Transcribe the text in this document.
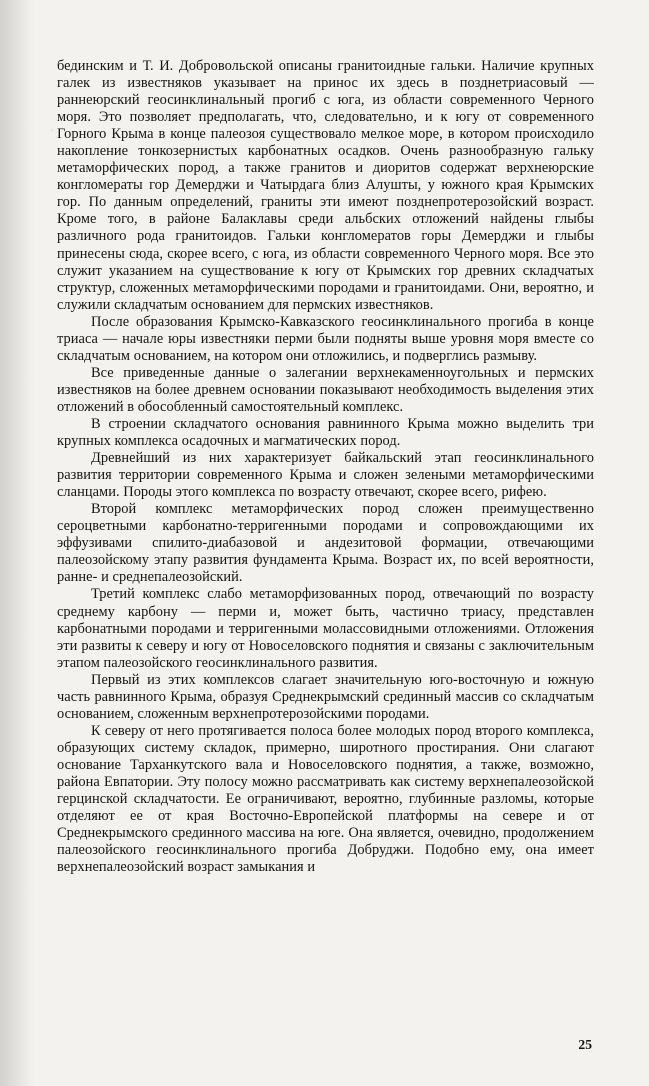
бединским и Т. И. Добровольской описаны гранитоидные гальки. Наличие крупных галек из известняков указывает на принос их здесь в позднетриасовый — раннеюрский геосинклинальный прогиб с юга, из области современного Черного моря. Это позволяет предполагать, что, следовательно, и к югу от современного Горного Крыма в конце палеозоя существовало мелкое море, в котором происходило накопление тонкозернистых карбонатных осадков. Очень разнообразную гальку метаморфических пород, а также гранитов и диоритов содержат верхнеюрские конгломераты гор Демерджи и Чатырдага близ Алушты, у южного края Крымских гор. По данным определений, граниты эти имеют позднепротерозойский возраст. Кроме того, в районе Балаклавы среди альбских отложений найдены глыбы различного рода гранитоидов. Гальки конгломератов горы Демерджи и глыбы принесены сюда, скорее всего, с юга, из области современного Черного моря. Все это служит указанием на существование к югу от Крымских гор древних складчатых структур, сложенных метаморфическими породами и гранитоидами. Они, вероятно, и служили складчатым основанием для пермских известняков.

После образования Крымско-Кавказского геосинклинального прогиба в конце триаса — начале юры известняки перми были подняты выше уровня моря вместе со складчатым основанием, на котором они отложились, и подверглись размыву.

Все приведенные данные о залегании верхнекаменноугольных и пермских известняков на более древнем основании показывают необходимость выделения этих отложений в обособленный самостоятельный комплекс.

В строении складчатого основания равнинного Крыма можно выделить три крупных комплекса осадочных и магматических пород.

Древнейший из них характеризует байкальский этап геосинклинального развития территории современного Крыма и сложен зелеными метаморфическими сланцами. Породы этого комплекса по возрасту отвечают, скорее всего, рифею.

Второй комплекс метаморфических пород сложен преимущественно сероцветными карбонатно-терригенными породами и сопровождающими их эффузивами спилито-диабазовой и андезитовой формации, отвечающими палеозойскому этапу развития фундамента Крыма. Возраст их, по всей вероятности, ранне- и среднепалеозойский.

Третий комплекс слабо метаморфизованных пород, отвечающий по возрасту среднему карбону — перми и, может быть, частично триасу, представлен карбонатными породами и терригенными молассовидными отложениями. Отложения эти развиты к северу и югу от Новоселовского поднятия и связаны с заключительным этапом палеозойского геосинклинального развития.

Первый из этих комплексов слагает значительную юго-восточную и южную часть равнинного Крыма, образуя Среднекрымский срединный массив со складчатым основанием, сложенным верхнепротерозойскими породами.

К северу от него протягивается полоса более молодых пород второго комплекса, образующих систему складок, примерно, широтного простирания. Они слагают основание Тарханкутского вала и Новоселовского поднятия, а также, возможно, района Евпатории. Эту полосу можно рассматривать как систему верхнепалеозойской герцинской складчатости. Ее ограничивают, вероятно, глубинные разломы, которые отделяют ее от края Восточно-Европейской платформы на севере и от Среднекрымского срединного массива на юге. Она является, очевидно, продолжением палеозойского геосинклинального прогиба Добруджи. Подобно ему, она имеет верхнепалеозойский возраст замыкания и

25
